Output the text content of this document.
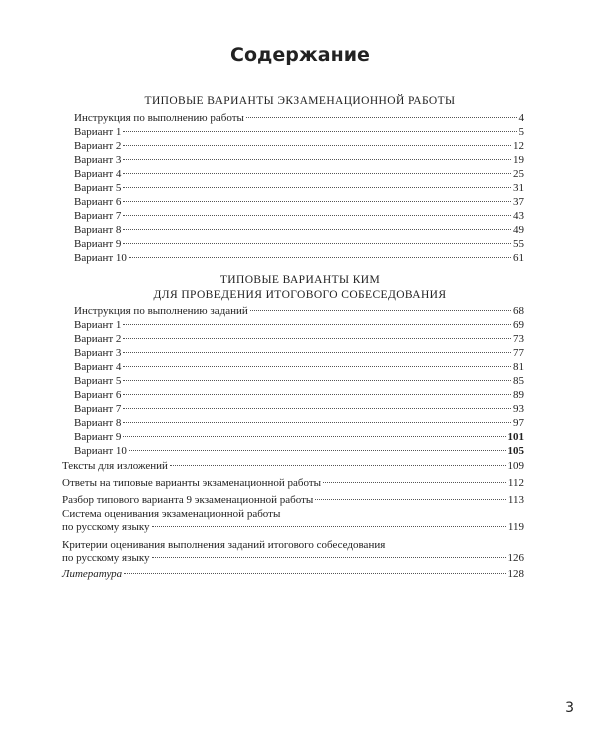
Содержание
ТИПОВЫЕ ВАРИАНТЫ ЭКЗАМЕНАЦИОННОЙ РАБОТЫ
Инструкция по выполнению работы	4
Вариант 1	5
Вариант 2	12
Вариант 3	19
Вариант 4	25
Вариант 5	31
Вариант 6	37
Вариант 7	43
Вариант 8	49
Вариант 9	55
Вариант 10	61
ТИПОВЫЕ ВАРИАНТЫ КИМ
ДЛЯ ПРОВЕДЕНИЯ ИТОГОВОГО СОБЕСЕДОВАНИЯ
Инструкция по выполнению заданий	68
Вариант 1	69
Вариант 2	73
Вариант 3	77
Вариант 4	81
Вариант 5	85
Вариант 6	89
Вариант 7	93
Вариант 8	97
Вариант 9	101
Вариант 10	105
Тексты для изложений	109
Ответы на типовые варианты экзаменационной работы	112
Разбор типового варианта 9 экзаменационной работы	113
Система оценивания экзаменационной работы
по русскому языку	119
Критерии оценивания выполнения заданий итогового собеседования
по русскому языку	126
Литература	128
3
